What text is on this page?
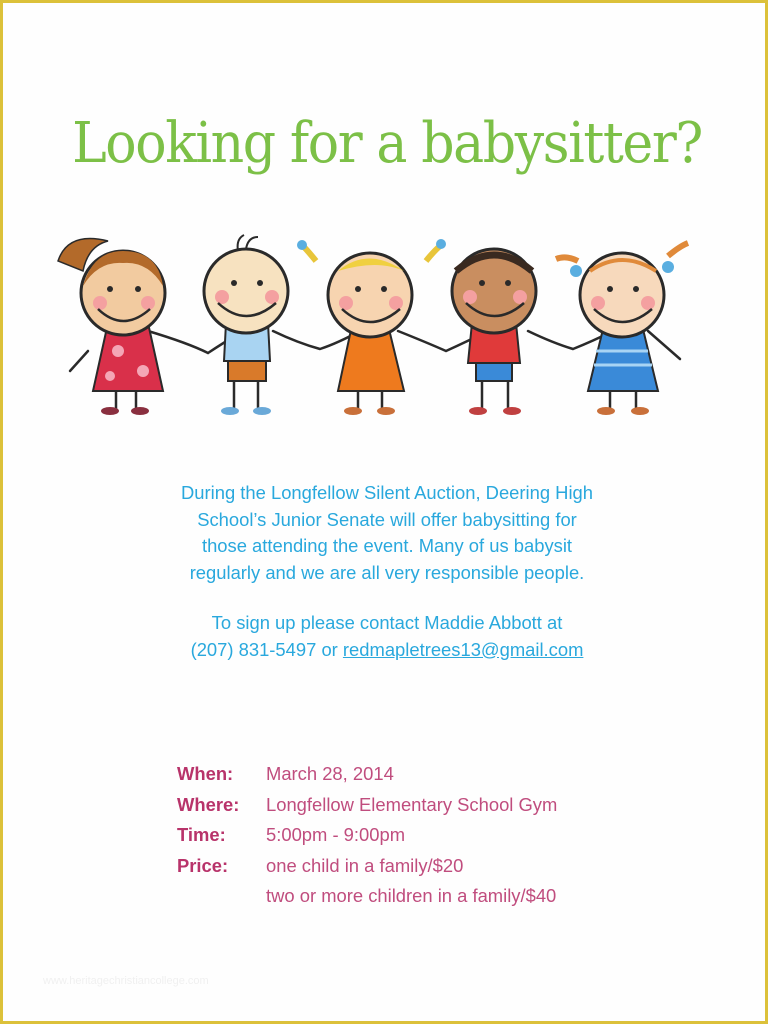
Looking for a babysitter?

During the Longfellow Silent Auction, Deering High

School’s Junior Senate will offer babysitting for

those attending the event. Many of us babysit

regularly and we are all very responsible people.

To sign up please contact Maddie Abbott at

(207) 831-5497 or redmapletrees13@gmail.com

When:	March 28, 2014
Where:	Longfellow Elementary School Gym
Time:	5:00pm - 9:00pm
Price:	one child in a family/$20
two or more children in a family/$40
www.heritagechristiancollege.com
